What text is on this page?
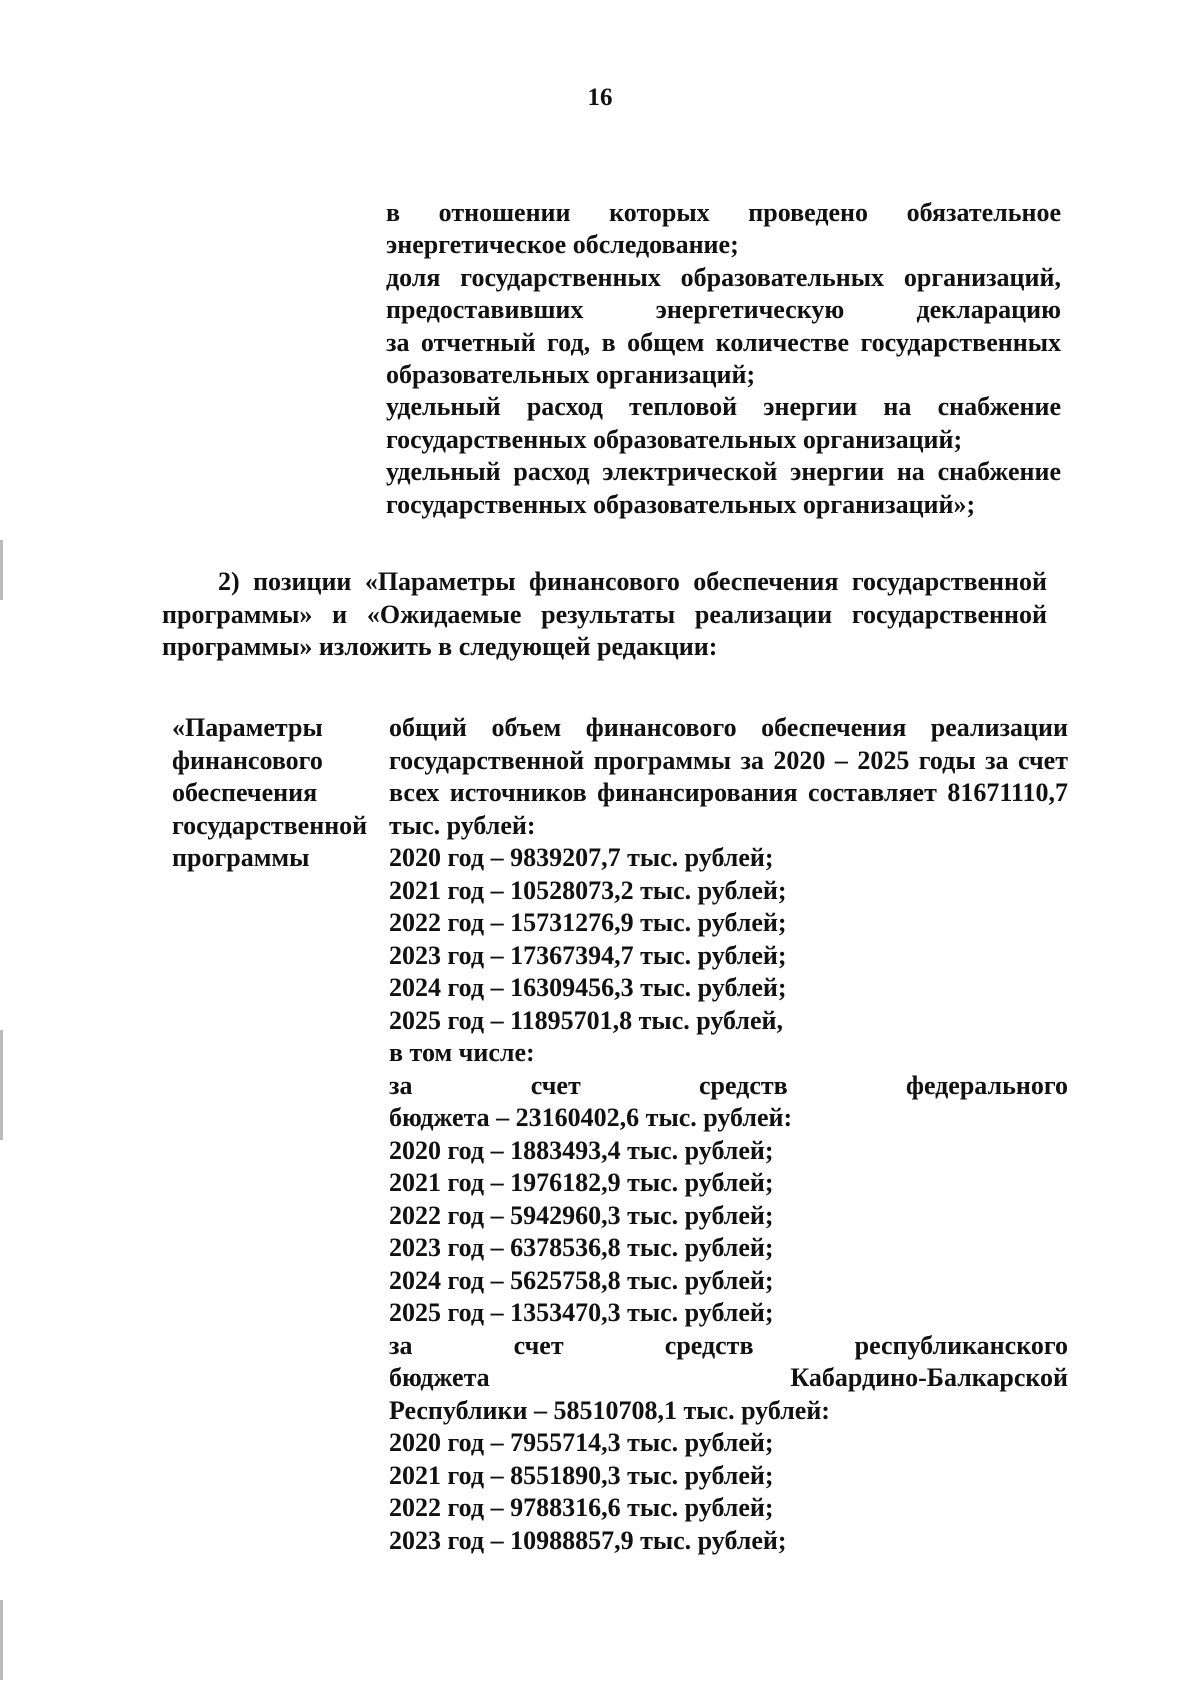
16
в отношении которых проведено обязательное
энергетическое обследование;
доля государственных образовательных организаций,
предоставивших энергетическую декларацию
за отчетный год, в общем количестве государственных
образовательных организаций;
удельный расход тепловой энергии на снабжение
государственных образовательных организаций;
удельный расход электрической энергии на снабжение
государственных образовательных организаций»;
2) позиции «Параметры финансового обеспечения государственной
программы» и «Ожидаемые результаты реализации государственной
программы» изложить в следующей редакции:
«Параметры
финансового
обеспечения
государственной
программы
общий объем финансового обеспечения реализации
государственной программы за 2020 – 2025 годы за счет
всех источников финансирования составляет 81671110,7
тыс. рублей:
2020 год – 9839207,7 тыс. рублей;
2021 год – 10528073,2 тыс. рублей;
2022 год – 15731276,9 тыс. рублей;
2023 год – 17367394,7 тыс. рублей;
2024 год – 16309456,3 тыс. рублей;
2025 год – 11895701,8 тыс. рублей,
в том числе:
за счет средств федерального
бюджета – 23160402,6 тыс. рублей:
2020 год – 1883493,4 тыс. рублей;
2021 год – 1976182,9 тыс. рублей;
2022 год – 5942960,3 тыс. рублей;
2023 год – 6378536,8 тыс. рублей;
2024 год – 5625758,8 тыс. рублей;
2025 год – 1353470,3 тыс. рублей;
за счет средств республиканского
бюджета Кабардино-Балкарской
Республики – 58510708,1 тыс. рублей:
2020 год – 7955714,3 тыс. рублей;
2021 год – 8551890,3 тыс. рублей;
2022 год – 9788316,6 тыс. рублей;
2023 год – 10988857,9 тыс. рублей;
